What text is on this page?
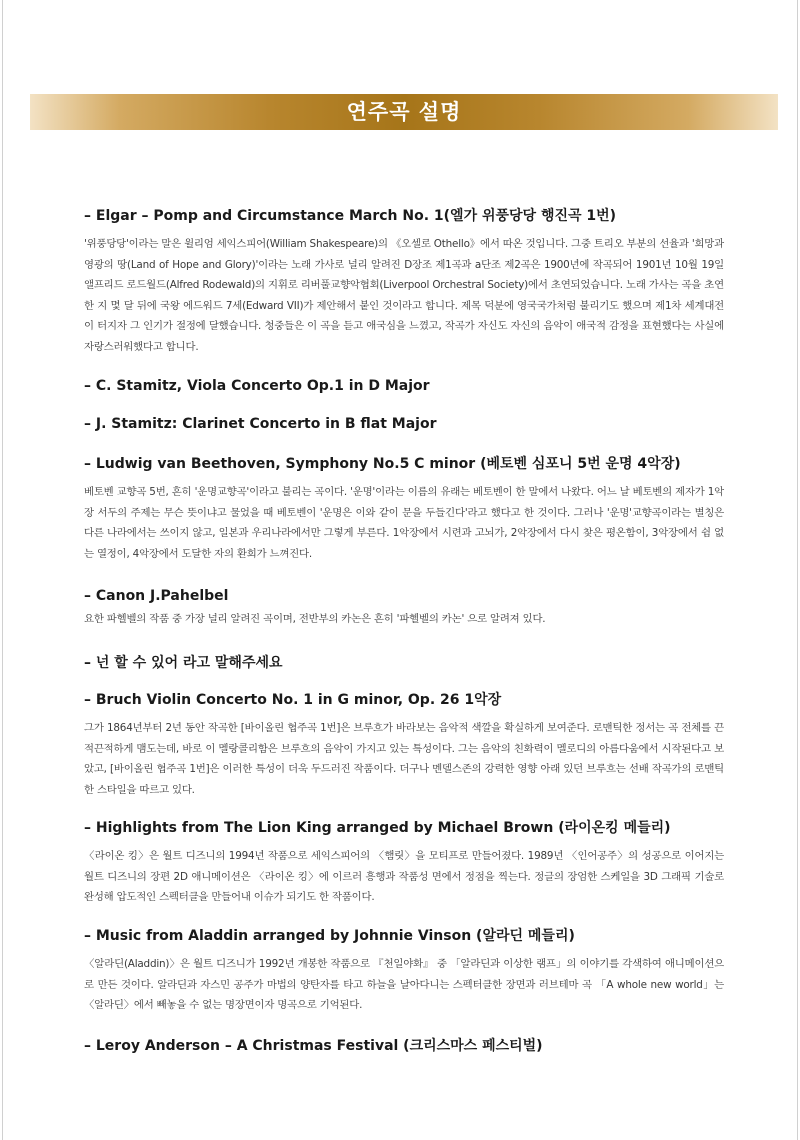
연주곡 설명
– Elgar – Pomp and Circumstance March No. 1(엘가 위풍당당 행진곡 1번)

'위풍당당'이라는 말은 윌리엄 세익스피어(William Shakespeare)의 《오셀로 Othello》에서 따온 것입니다. 그중 트리오 부분의 선율과 '희망과 영광의 땅(Land of Hope and Glory)'이라는 노래 가사로 널리 알려진 D장조 제1곡과 a단조 제2곡은 1900년에 작곡되어 1901년 10월 19일 앨프리드 로드월드(Alfred Rodewald)의 지휘로 리버풀교향악협회(Liverpool Orchestral Society)에서 초연되었습니다. 노래 가사는 곡을 초연한 지 몇 달 뒤에 국왕 에드워드 7세(Edward VII)가 제안해서 붙인 것이라고 합니다. 제목 덕분에 영국국가처럼 불리기도 했으며 제1차 세계대전이 터지자 그 인기가 절정에 달했습니다. 청중들은 이 곡을 듣고 애국심을 느꼈고, 작곡가 자신도 자신의 음악이 애국적 감정을 표현했다는 사실에 자랑스러워했다고 합니다.

– C. Stamitz, Viola Concerto Op.1 in D Major
– J. Stamitz: Clarinet Concerto in B flat Major
– Ludwig van Beethoven, Symphony No.5 C minor (베토벤 심포니 5번 운명 4악장)

베토벤 교향곡 5번, 흔히 '운명교향곡'이라고 불리는 곡이다. '운명'이라는 이름의 유래는 베토벤이 한 말에서 나왔다. 어느 날 베토벤의 제자가 1악장 서두의 주제는 무슨 뜻이냐고 물었을 때 베토벤이 '운명은 이와 같이 문을 두들긴다'라고 했다고 한 것이다. 그러나 '운명'교향곡이라는 별칭은 다른 나라에서는 쓰이지 않고, 일본과 우리나라에서만 그렇게 부른다. 1악장에서 시련과 고뇌가, 2악장에서 다시 찾은 평온함이, 3악장에서 쉼 없는 열정이, 4악장에서 도달한 자의 환희가 느껴진다.

– Canon J.Pahelbel

요한 파헬벨의 작품 중 가장 널리 알려진 곡이며, 전반부의 카논은 흔히 '파헬벨의 카논' 으로 알려져 있다.

– 넌 할 수 있어 라고 말해주세요
– Bruch Violin Concerto No. 1 in G minor, Op. 26 1악장

그가 1864년부터 2년 동안 작곡한 [바이올린 협주곡 1번]은 브루흐가 바라보는 음악적 색깔을 확실하게 보여준다. 로맨틱한 정서는 곡 전체를 끈적끈적하게 맴도는데, 바로 이 멜랑콜리함은 브루흐의 음악이 가지고 있는 특성이다. 그는 음악의 친화력이 멜로디의 아름다움에서 시작된다고 보았고, [바이올린 협주곡 1번]은 이러한 특성이 더욱 두드러진 작품이다. 더구나 멘델스존의 강력한 영향 아래 있던 브루흐는 선배 작곡가의 로맨틱한 스타일을 따르고 있다.

– Highlights from The Lion King arranged by Michael Brown (라이온킹 메들리)

〈라이온 킹〉은 월트 디즈니의 1994년 작품으로 세익스피어의 〈햄릿〉을 모티프로 만들어졌다. 1989년 〈인어공주〉의 성공으로 이어지는 월트 디즈니의 장편 2D 애니메이션은 〈라이온 킹〉에 이르러 흥행과 작품성 면에서 정점을 찍는다. 정글의 장엄한 스케일을 3D 그래픽 기술로 완성해 압도적인 스펙터클을 만들어내 이슈가 되기도 한 작품이다.

– Music from Aladdin arranged by Johnnie Vinson (알라딘 메들리)

〈알라딘(Aladdin)〉은 월트 디즈니가 1992년 개봉한 작품으로 『천일야화』 중 「알라딘과 이상한 램프」의 이야기를 각색하여 애니메이션으로 만든 것이다. 알라딘과 자스민 공주가 마법의 양탄자를 타고 하늘을 날아다니는 스펙터클한 장면과 러브테마 곡 「A whole new world」는 〈알라딘〉에서 빼놓을 수 없는 명장면이자 명곡으로 기억된다.

– Leroy Anderson – A Christmas Festival (크리스마스 페스티벌)
